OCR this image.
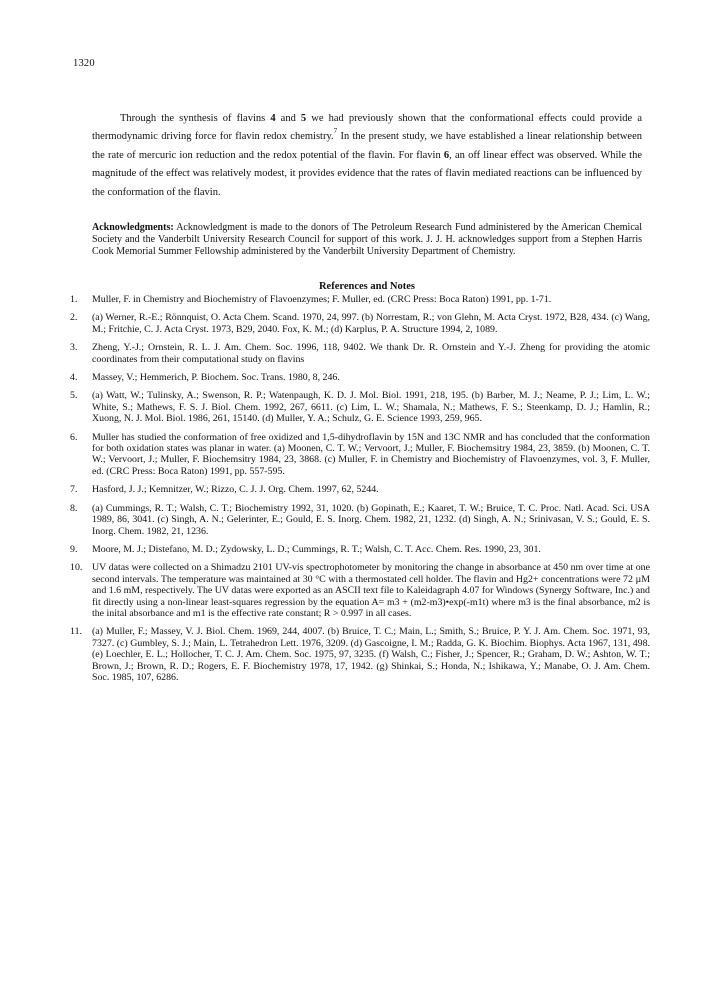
1320

Through the synthesis of flavins 4 and 5 we had previously shown that the conformational effects could provide a thermodynamic driving force for flavin redox chemistry.$^7$ In the present study, we have established a linear relationship between the rate of mercuric ion reduction and the redox potential of the flavin. For flavin 6, an off linear effect was observed. While the magnitude of the effect was relatively modest, it provides evidence that the rates of flavin mediated reactions can be influenced by the conformation of the flavin.

Acknowledgments: Acknowledgment is made to the donors of The Petroleum Research Fund administered by the American Chemical Society and the Vanderbilt University Research Council for support of this work. J. J. H. acknowledges support from a Stephen Harris Cook Memorial Summer Fellowship administered by the Vanderbilt University Department of Chemistry.

References and Notes
1.	Muller, F. in Chemistry and Biochemistry of Flavoenzymes; F. Muller, ed. (CRC Press: Boca Raton) 1991, pp. 1-71.
2.	(a) Werner, R.-E.; Rönnquist, O. Acta Chem. Scand. 1970, 24, 997. (b) Norrestam, R.; von Glehn, M. Acta Cryst. 1972, B28, 434. (c) Wang, M.; Fritchie, C. J. Acta Cryst. 1973, B29, 2040. Fox, K. M.; (d) Karplus, P. A. Structure 1994, 2, 1089.
3.	Zheng, Y.-J.; Ornstein, R. L. J. Am. Chem. Soc. 1996, 118, 9402. We thank Dr. R. Ornstein and Y.-J. Zheng for providing the atomic coordinates from their computational study on flavins
4.	Massey, V.; Hemmerich, P. Biochem. Soc. Trans. 1980, 8, 246.
5.	(a) Watt, W.; Tulinsky, A.; Swenson, R. P.; Watenpaugh, K. D. J. Mol. Biol. 1991, 218, 195. (b) Barber, M. J.; Neame, P. J.; Lim, L. W.; White, S.; Mathews, F. S. J. Biol. Chem. 1992, 267, 6611. (c) Lim, L. W.; Shamala, N.; Mathews, F. S.; Steenkamp, D. J.; Hamlin, R.; Xuong, N. J. Mol. Biol. 1986, 261, 15140. (d) Muller, Y. A.; Schulz, G. E. Science 1993, 259, 965.
6.	Muller has studied the conformation of free oxidized and 1,5-dihydroflavin by 15N and 13C NMR and has concluded that the conformation for both oxidation states was planar in water. (a) Moonen, C. T. W.; Vervoort, J.; Muller, F. Biochemsitry 1984, 23, 3859. (b) Moonen, C. T. W.; Vervoort, J.; Muller, F. Biochemsitry 1984, 23, 3868. (c) Muller, F. in Chemistry and Biochemistry of Flavoenzymes, vol. 3, F. Muller, ed. (CRC Press: Boca Raton) 1991, pp. 557-595.
7.	Hasford, J. J.; Kemnitzer, W.; Rizzo, C. J. J. Org. Chem. 1997, 62, 5244.
8.	(a) Cummings, R. T.; Walsh, C. T.; Biochemistry 1992, 31, 1020. (b) Gopinath, E.; Kaaret, T. W.; Bruice, T. C. Proc. Natl. Acad. Sci. USA 1989, 86, 3041. (c) Singh, A. N.; Gelerinter, E.; Gould, E. S. Inorg. Chem. 1982, 21, 1232. (d) Singh, A. N.; Srinivasan, V. S.; Gould, E. S. Inorg. Chem. 1982, 21, 1236.
9.	Moore, M. J.; Distefano, M. D.; Zydowsky, L. D.; Cummings, R. T.; Walsh, C. T. Acc. Chem. Res. 1990, 23, 301.
10. UV datas were collected on a Shimadzu 2101 UV-vis spectrophotometer by monitoring the change in absorbance at 450 nm over time at one second intervals. The temperature was maintained at 30 °C with a thermostated cell holder. The flavin and Hg2+ concentrations were 72 µM and 1.6 mM, respectively. The UV datas were exported as an ASCII text file to Kaleidagraph 4.07 for Windows (Synergy Software, Inc.) and fit directly using a non-linear least-squares regression by the equation A= m3 + (m2-m3)•exp(-m1t) where m3 is the final absorbance, m2 is the inital absorbance and m1 is the effective rate constant; R > 0.997 in all cases.
11.	(a) Muller, F.; Massey, V. J. Biol. Chem. 1969, 244, 4007. (b) Bruice, T. C.; Main, L.; Smith, S.; Bruice, P. Y. J. Am. Chem. Soc. 1971, 93, 7327. (c) Gumbley, S. J.; Main, L. Tetrahedron Lett. 1976, 3209. (d) Gascoigne, I. M.; Radda, G. K. Biochim. Biophys. Acta 1967, 131, 498. (e) Loechler, E. L.; Hollocher, T. C. J. Am. Chem. Soc. 1975, 97, 3235. (f) Walsh, C.; Fisher, J.; Spencer, R.; Graham, D. W.; Ashton, W. T.; Brown, J.; Brown, R. D.; Rogers, E. F. Biochemistry 1978, 17, 1942. (g) Shinkai, S.; Honda, N.; Ishikawa, Y.; Manabe, O. J. Am. Chem. Soc. 1985, 107, 6286.
